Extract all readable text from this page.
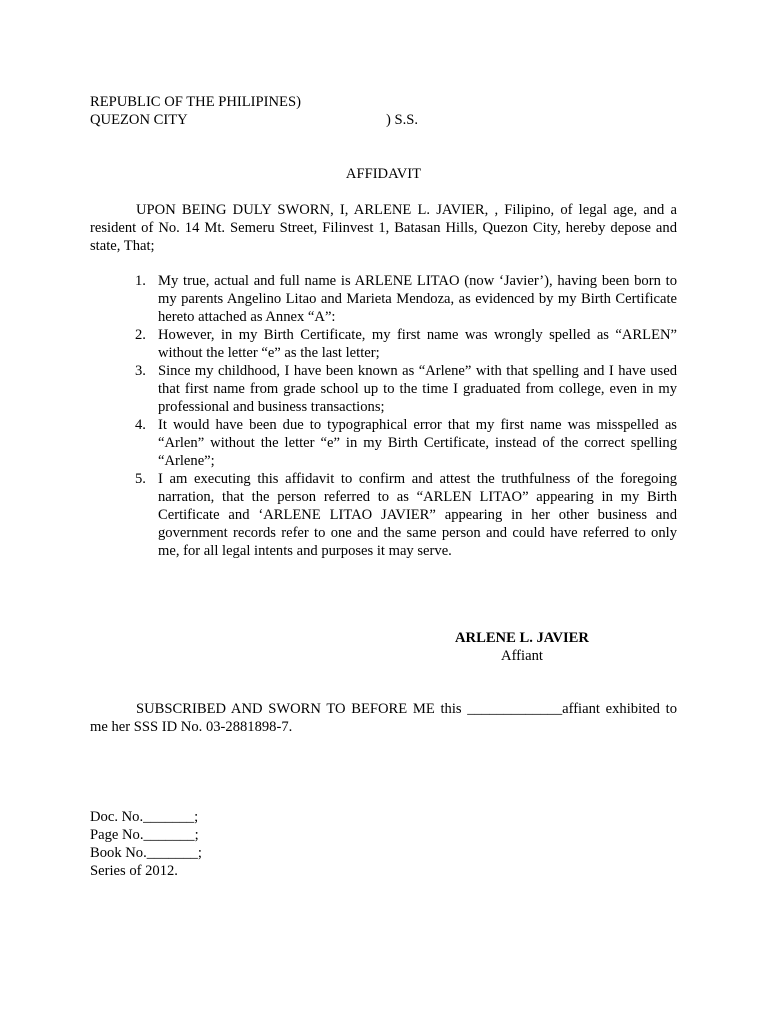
REPUBLIC OF THE PHILIPINES)
QUEZON CITY	) S.S.
AFFIDAVIT
UPON BEING DULY SWORN, I, ARLENE L. JAVIER, , Filipino, of legal age, and a resident of No. 14 Mt. Semeru Street, Filinvest 1, Batasan Hills, Quezon City, hereby depose and state, That;
1. My true, actual and full name is ARLENE LITAO (now ‘Javier’), having been born to my parents Angelino Litao and Marieta Mendoza, as evidenced by my Birth Certificate hereto attached as Annex “A”:
2. However, in my Birth Certificate, my first name was wrongly spelled as “ARLEN” without the letter “e” as the last letter;
3. Since my childhood, I have been known as “Arlene” with that spelling and I have used that first name from grade school up to the time I graduated from college, even in my professional and business transactions;
4. It would have been due to typographical error that my first name was misspelled as “Arlen” without the letter “e” in my Birth Certificate, instead of the correct spelling “Arlene”;
5. I am executing this affidavit to confirm and attest the truthfulness of the foregoing narration, that the person referred to as “ARLEN LITAO” appearing in my Birth Certificate and ‘ARLENE LITAO JAVIER” appearing in her other business and government records refer to one and the same person and could have referred to only me, for all legal intents and purposes it may serve.
ARLENE L. JAVIER
Affiant
SUBSCRIBED AND SWORN TO BEFORE ME this _____________affiant exhibited to me her SSS ID No. 03-2881898-7.
Doc. No._______;
Page No._______;
Book No._______;
Series of 2012.
